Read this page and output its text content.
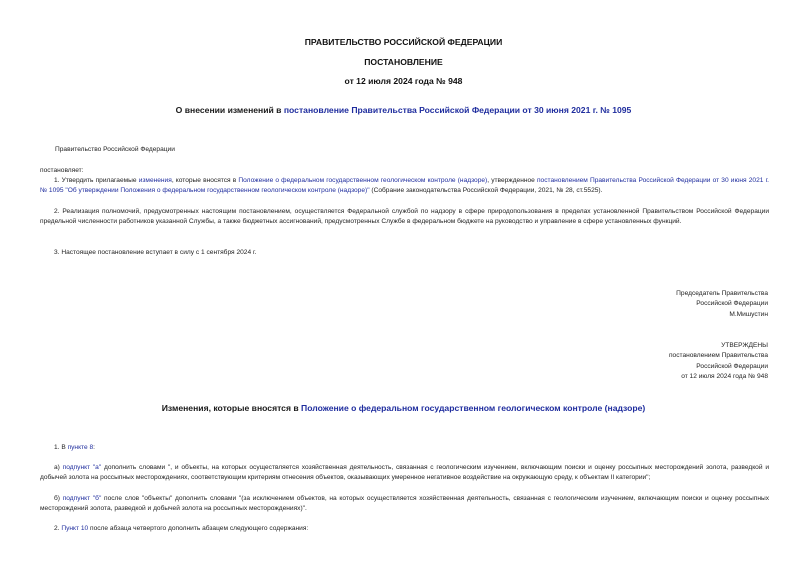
ПРАВИТЕЛЬСТВО РОССИЙСКОЙ ФЕДЕРАЦИИ

ПОСТАНОВЛЕНИЕ

от 12 июля 2024 года № 948

О внесении изменений в постановление Правительства Российской Федерации от 30 июня 2021 г. № 1095

Правительство Российской Федерации

постановляет:

1. Утвердить прилагаемые изменения, которые вносятся в Положение о федеральном государственном геологическом контроле (надзоре), утвержденное постановлением Правительства Российской Федерации от 30 июня 2021 г. № 1095 "Об утверждении Положения о федеральном государственном геологическом контроле (надзоре)" (Собрание законодательства Российской Федерации, 2021, № 28, ст.5525).

2. Реализация полномочий, предусмотренных настоящим постановлением, осуществляется Федеральной службой по надзору в сфере природопользования в пределах установленной Правительством Российской Федерации предельной численности работников указанной Службы, а также бюджетных ассигнований, предусмотренных Службе в федеральном бюджете на руководство и управление в сфере установленных функций.

3. Настоящее постановление вступает в силу с 1 сентября 2024 г.

Председатель Правительства
Российской Федерации
М.Мишустин
УТВЕРЖДЕНЫ
постановлением Правительства
Российской Федерации
от 12 июля 2024 года № 948

Изменения, которые вносятся в Положение о федеральном государственном геологическом контроле (надзоре)

1. В пункте 8:

а) подпункт "а" дополнить словами ", и объекты, на которых осуществляется хозяйственная деятельность, связанная с геологическим изучением, включающим поиски и оценку россыпных месторождений золота, разведкой и добычей золота на россыпных месторождениях, соответствующим критериям отнесения объектов, оказывающих умеренное негативное воздействие на окружающую среду, к объектам II категории";

б) подпункт "б" после слов "объекты" дополнить словами "(за исключением объектов, на которых осуществляется хозяйственная деятельность, связанная с геологическим изучением, включающим поиски и оценку россыпных месторождений золота, разведкой и добычей золота на россыпных месторождениях)".

2. Пункт 10 после абзаца четвертого дополнить абзацем следующего содержания:
